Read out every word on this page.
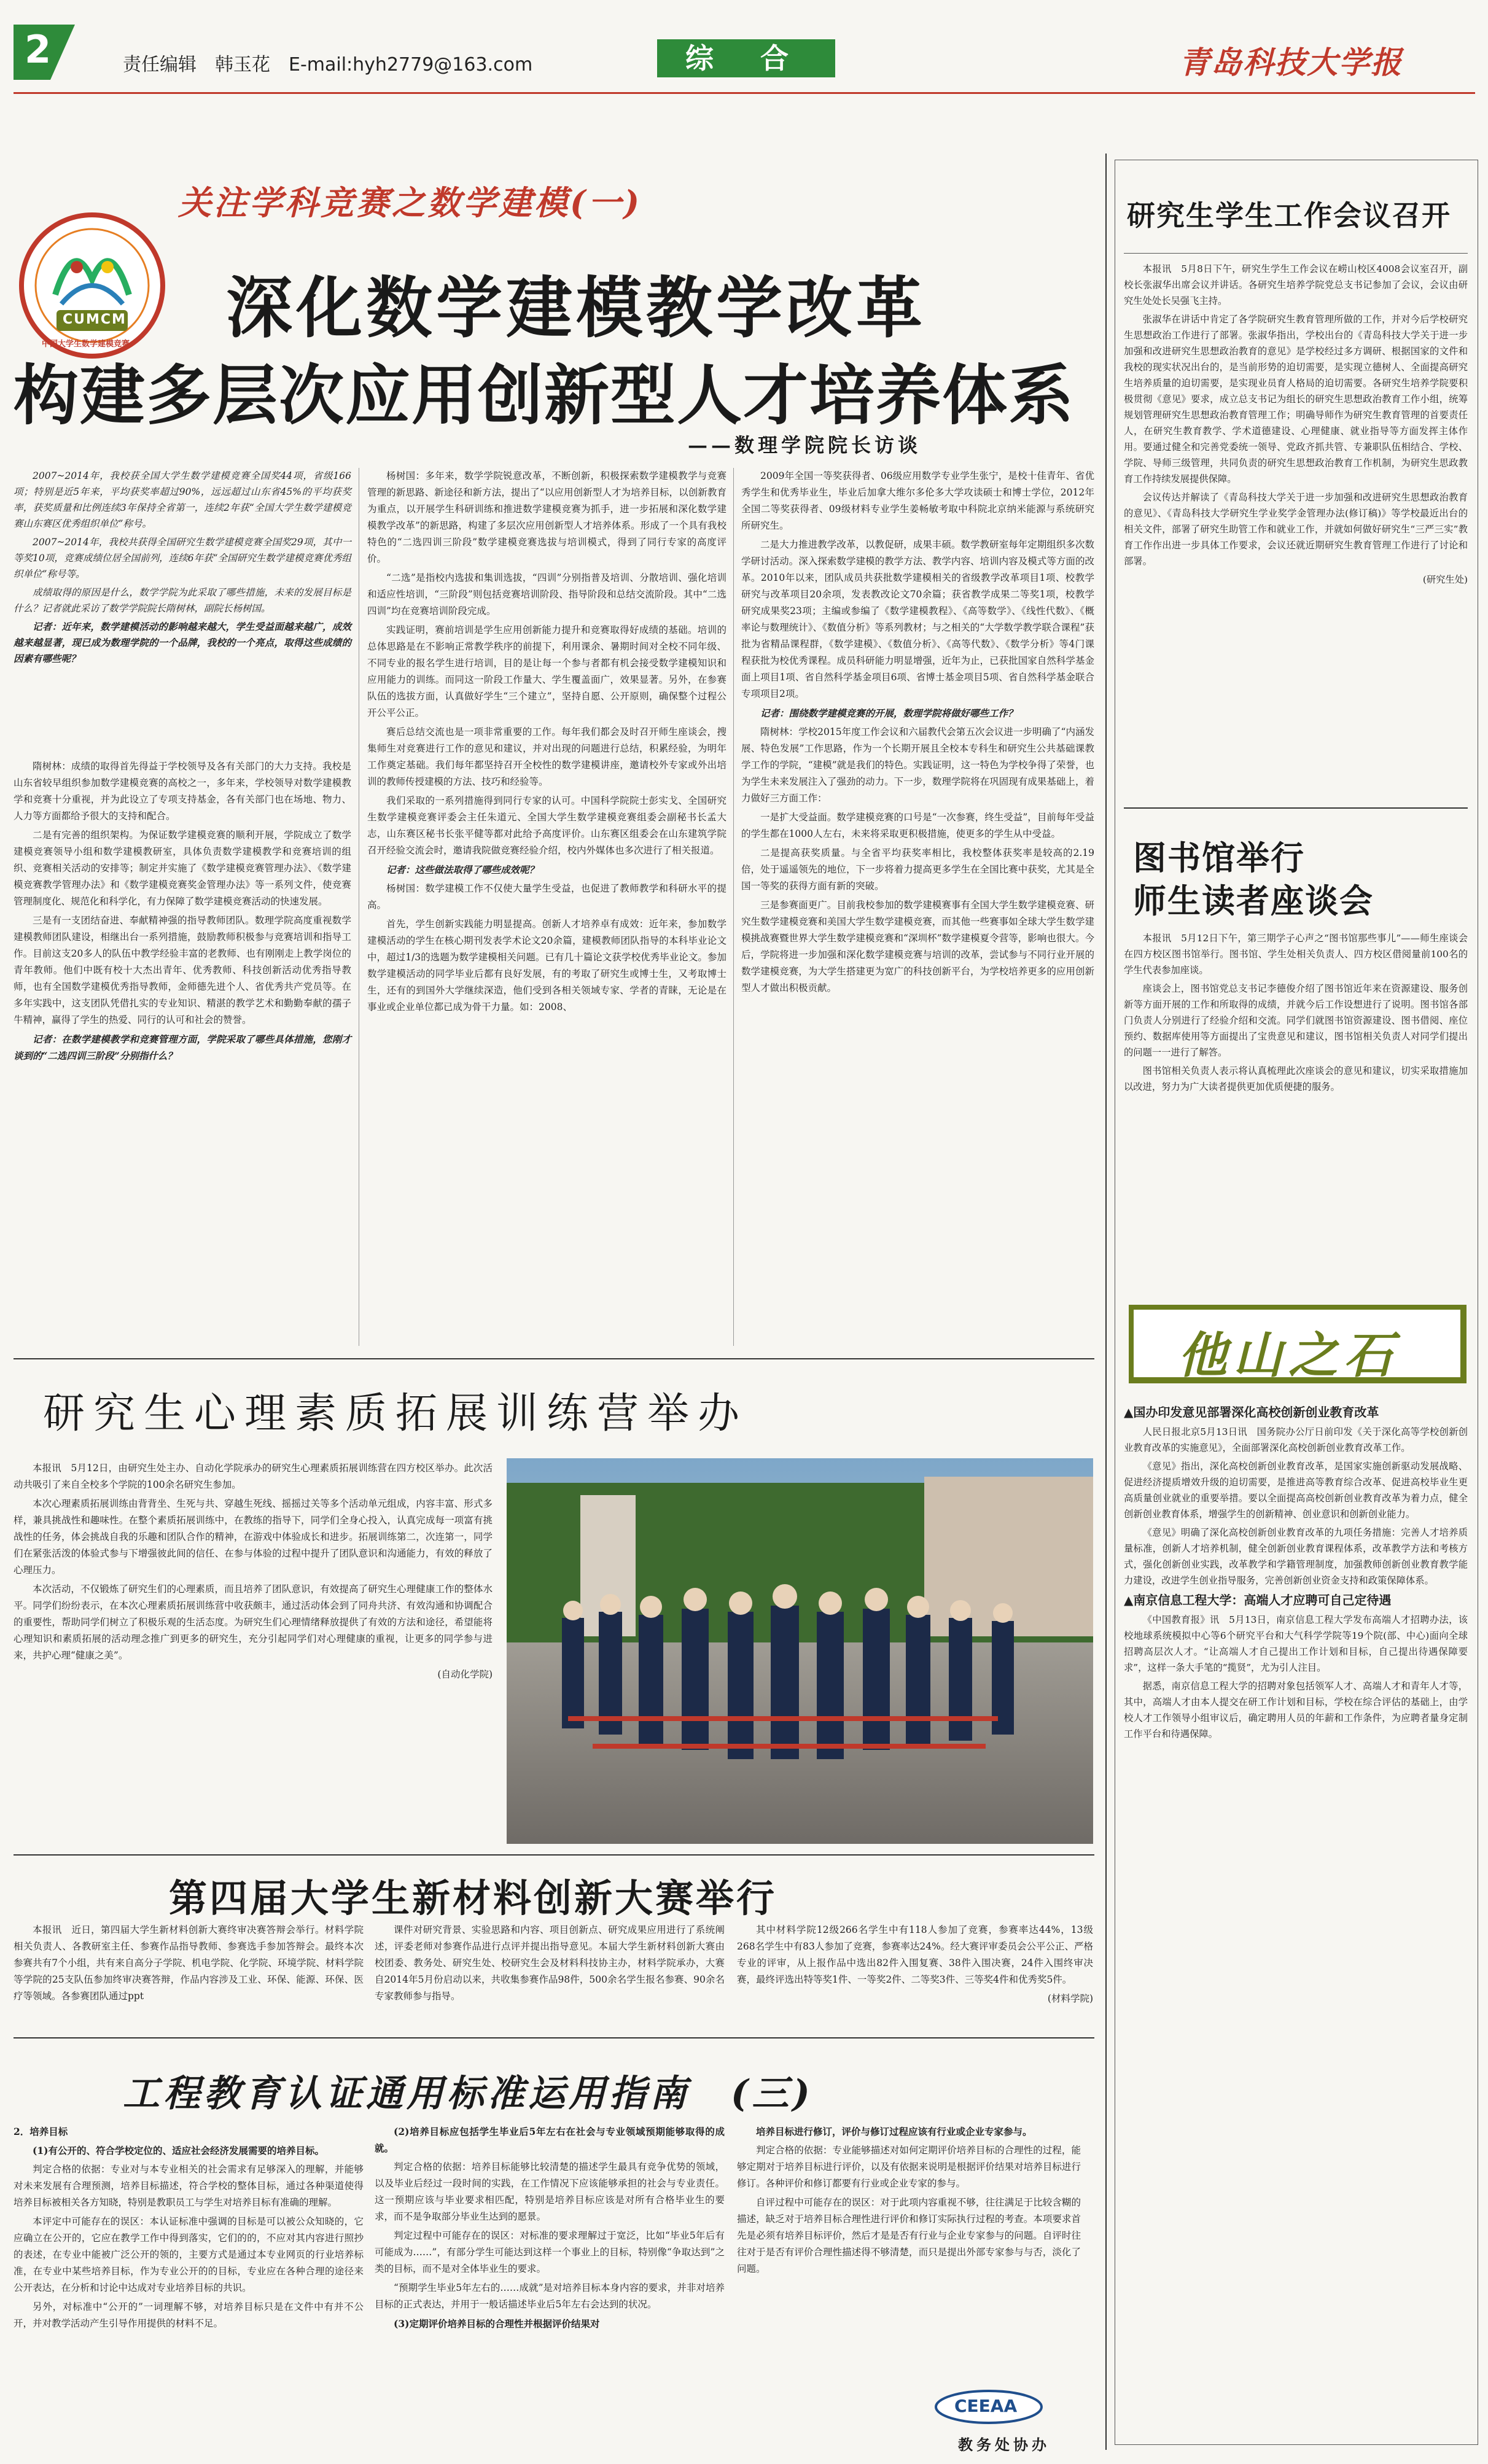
2	责任编辑　韩玉花　E-mail:hyh2779@163.com	综 合	青岛科技大学报
CUMCM
中国大学生数学建模竞赛
关注学科竞赛之数学建模(一)
深化数学建模教学改革
构建多层次应用创新型人才培养体系
——数理学院院长访谈

2007~2014年，我校获全国大学生数学建模竞赛全国奖44项，省级166项；特别是近5年来，平均获奖率超过90%，远远超过山东省45%的平均获奖率，获奖质量和比例连续3年保持全省第一，连续2年获“全国大学生数学建模竞赛山东赛区优秀组织单位”称号。

2007~2014年，我校共获得全国研究生数学建模竞赛全国奖29项，其中一等奖10项，竞赛成绩位居全国前列，连续6年获“全国研究生数学建模竞赛优秀组织单位”称号等。

成绩取得的原因是什么，数学学院为此采取了哪些措施，未来的发展目标是什么？记者就此采访了数学学院院长隋树林，副院长杨树国。

记者：近年来，数学建模活动的影响越来越大，学生受益面越来越广，成效越来越显著，现已成为数理学院的一个品牌，我校的一个亮点，取得这些成绩的因素有哪些呢？

隋树林：成绩的取得首先得益于学校领导及各有关部门的大力支持。我校是山东省较早组织参加数学建模竞赛的高校之一，多年来，学校领导对数学建模教学和竞赛十分重视，并为此设立了专项支持基金，各有关部门也在场地、物力、人力等方面都给予很大的支持和配合。

二是有完善的组织架构。为保证数学建模竞赛的顺利开展，学院成立了数学建模竞赛领导小组和数学建模教研室，具体负责数学建模教学和竞赛培训的组织、竞赛相关活动的安排等；制定并实施了《数学建模竞赛管理办法》、《数学建模竞赛教学管理办法》和《数学建模竞赛奖金管理办法》等一系列文件，使竞赛管理制度化、规范化和科学化，有力保障了数学建模竞赛活动的快速发展。

三是有一支团结奋进、奉献精神强的指导教师团队。数理学院高度重视数学建模教师团队建设，相继出台一系列措施，鼓励教师积极参与竞赛培训和指导工作。目前这支20多人的队伍中教学经验丰富的老教师、也有刚刚走上教学岗位的青年教师。他们中既有校十大杰出青年、优秀教师、科技创新活动优秀指导教师，也有全国数学建模优秀指导教师，金师德先进个人、省优秀共产党员等。在多年实践中，这支团队凭借扎实的专业知识、精湛的教学艺术和勤勤奉献的孺子牛精神，赢得了学生的热爱、同行的认可和社会的赞誉。

记者：在数学建模教学和竞赛管理方面，学院采取了哪些具体措施，您刚才谈到的“二选四训三阶段”分别指什么？

杨树国：多年来，数学学院锐意改革，不断创新，积极探索数学建模教学与竞赛管理的新思路、新途径和新方法，提出了“以应用创新型人才为培养目标，以创新教育为重点，以开展学生科研训练和推进数学建模竞赛为抓手，进一步拓展和深化数学建模教学改革”的新思路，构建了多层次应用创新型人才培养体系。形成了一个具有我校特色的“二选四训三阶段”数学建模竞赛选拔与培训模式，得到了同行专家的高度评价。

“二选”是指校内选拔和集训选拔，“四训”分别指普及培训、分散培训、强化培训和适应性培训，“三阶段”则包括竞赛培训阶段、指导阶段和总结交流阶段。其中“二选四训”均在竞赛培训阶段完成。

实践证明，赛前培训是学生应用创新能力提升和竞赛取得好成绩的基础。培训的总体思路是在不影响正常教学秩序的前提下，利用课余、暑期时间对全校不同年级、不同专业的报名学生进行培训，目的是让每一个参与者都有机会接受数学建模知识和应用能力的训练。而同这一阶段工作量大、学生覆盖面广，效果显著。另外，在参赛队伍的选拔方面，认真做好学生“三个建立”，坚持自愿、公开原则，确保整个过程公开公平公正。

赛后总结交流也是一项非常重要的工作。每年我们都会及时召开师生座谈会，搜集师生对竞赛进行工作的意见和建议，并对出现的问题进行总结，积累经验，为明年工作奠定基础。我们每年都坚持召开全校性的数学建模讲座，邀请校外专家或外出培训的教师传授建模的方法、技巧和经验等。

我们采取的一系列措施得到同行专家的认可。中国科学院院士彭实戈、全国研究生数学建模竞赛评委会主任朱道元、全国大学生数学建模竞赛组委会副秘书长孟大志，山东赛区秘书长张平健等都对此给予高度评价。山东赛区组委会在山东建筑学院召开经验交流会时，邀请我院做竞赛经验介绍，校内外媒体也多次进行了相关报道。

记者：这些做法取得了哪些成效呢？

杨树国：数学建模工作不仅使大量学生受益，也促进了教师教学和科研水平的提高。

首先，学生创新实践能力明显提高。创新人才培养卓有成效：近年来，参加数学建模活动的学生在核心期刊发表学术论文20余篇，建模教师团队指导的本科毕业论文中，超过1/3的选题为数学建模相关问题。已有几十篇论文获学校优秀毕业论文。参加数学建模活动的同学毕业后都有良好发展，有的考取了研究生或博士生，又考取博士生，还有的到国外大学继续深造，他们受到各相关领域专家、学者的青睐，无论是在事业或企业单位都已成为骨干力量。如：2008、

2009年全国一等奖获得者、06级应用数学专业学生张宁，是校十佳青年、省优秀学生和优秀毕业生，毕业后加拿大维尔多伦多大学攻读硕士和博士学位，2012年全国二等奖获得者、09级材料专业学生姜畅敏考取中科院北京纳米能源与系统研究所研究生。

二是大力推进教学改革，以教促研，成果丰硕。数学教研室每年定期组织多次数学研讨活动。深入探索数学建模的教学方法、教学内容、培训内容及模式等方面的改革。2010年以来，团队成员共获批数学建模相关的省级教学改革项目1项、校教学研究与改革项目20余项，发表教改论文70余篇；获省教学成果二等奖1项，校教学研究成果奖23项；主编或参编了《数学建模教程》、《高等数学》、《线性代数》、《概率论与数理统计》、《数值分析》等系列教材；与之相关的“大学数学教学联合课程”获批为省精品课程群，《数学建模》、《数值分析》、《高等代数》、《数学分析》等4门课程获批为校优秀课程。成员科研能力明显增强，近年为止，已获批国家自然科学基金面上项目1项、省自然科学基金项目6项、省博士基金项目5项、省自然科学基金联合专项项目2项。

记者：围绕数学建模竞赛的开展，数理学院将做好哪些工作？

隋树林：学校2015年度工作会议和六届教代会第五次会议进一步明确了“内涵发展、特色发展”工作思路，作为一个长期开展且全校本专科生和研究生公共基础课教学工作的学院，“建模”就是我们的特色。实践证明，这一特色为学校争得了荣誉，也为学生未来发展注入了强劲的动力。下一步，数理学院将在巩固现有成果基础上，着力做好三方面工作：

一是扩大受益面。数学建模竞赛的口号是“一次参赛，终生受益”，目前每年受益的学生都在1000人左右，未来将采取更积极措施，使更多的学生从中受益。

二是提高获奖质量。与全省平均获奖率相比，我校整体获奖率是较高的2.19倍，处于遥遥领先的地位，下一步将着力提高更多学生在全国比赛中获奖，尤其是全国一等奖的获得方面有新的突破。

三是参赛面更广。目前我校参加的数学建模赛事有全国大学生数学建模竞赛、研究生数学建模竞赛和美国大学生数学建模竞赛，而其他一些赛事如全球大学生数学建模挑战赛暨世界大学生数学建模竞赛和“深圳杯”数学建模夏令营等，影响也很大。今后，学院将进一步加强和深化数学建模竞赛与培训的改革，尝试参与不同行业开展的数学建模竞赛，为大学生搭建更为宽广的科技创新平台，为学校培养更多的应用创新型人才做出积极贡献。

研究生心理素质拓展训练营举办

本报讯　5月12日，由研究生处主办、自动化学院承办的研究生心理素质拓展训练营在四方校区举办。此次活动共吸引了来自全校多个学院的100余名研究生参加。

本次心理素质拓展训练由背背坐、生死与共、穿越生死线、摇摇过关等多个活动单元组成，内容丰富、形式多样，兼具挑战性和趣味性。在整个素质拓展训练中，在教练的指导下，同学们全身心投入，认真完成每一项富有挑战性的任务，体会挑战自我的乐趣和团队合作的精神，在游戏中体验成长和进步。拓展训练第二，次连第一，同学们在紧张活泼的体验式参与下增强彼此间的信任、在参与体验的过程中提升了团队意识和沟通能力，有效的释放了心理压力。

本次活动，不仅锻炼了研究生们的心理素质，而且培养了团队意识，有效提高了研究生心理健康工作的整体水平。同学们纷纷表示，在本次心理素质拓展训练营中收获颇丰，通过活动体会到了同舟共济、有效沟通和协调配合的重要性，帮助同学们树立了积极乐观的生活态度。为研究生们心理情绪释放提供了有效的方法和途径，希望能将心理知识和素质拓展的活动理念推广到更多的研究生，充分引起同学们对心理健康的重视，让更多的同学参与进来，共护心理“健康之美”。

(自动化学院)

第四届大学生新材料创新大赛举行

本报讯　近日，第四届大学生新材料创新大赛终审决赛答辩会举行。材料学院相关负责人、各教研室主任、参赛作品指导教师、参赛选手参加答辩会。最终本次参赛共有7个小组，共有来自高分子学院、机电学院、化学院、环境学院、材料学院等学院的25支队伍参加终审决赛答辩，作品内容涉及工业、环保、能源、环保、医疗等领域。各参赛团队通过ppt

课件对研究背景、实验思路和内容、项目创新点、研究成果应用进行了系统阐述，评委老师对参赛作品进行点评并提出指导意见。本届大学生新材料创新大赛由校团委、教务处、研究生处、校研究生会及材料科技协主办，材料学院承办，大赛自2014年5月份启动以来，共收集参赛作品98件，500余名学生报名参赛、90余名专家教师参与指导。

其中材料学院12级266名学生中有118人参加了竞赛，参赛率达44%，13级268名学生中有83人参加了竞赛，参赛率达24%。经大赛评审委员会公平公正、严格专业的评审，从上报作品中选出82件入围复赛、38件入围决赛，24件入围终审决赛，最终评选出特等奖1件、一等奖2件、二等奖3件、三等奖4件和优秀奖5件。

(材料学院)

工程教育认证通用标准运用指南　(三)

2．培养目标

(1)有公开的、符合学校定位的、适应社会经济发展需要的培养目标。

判定合格的依据：专业对与本专业相关的社会需求有足够深入的理解，并能够对未来发展有合理预测，培养目标描述，符合学校的整体目标，通过各种渠道使得培养目标被相关各方知晓，特别是教职员工与学生对培养目标有准确的理解。

本评定中可能存在的误区：本认证标准中强调的目标是可以被公众知晓的，它应确立在公开的，它应在教学工作中得到落实，它们的的，不应对其内容进行照抄的表述，在专业中能被广泛公开的领的，主要方式是通过本专业网页的行业培养标准，在专业中某些培养目标，作为专业公开的的目标，专业应在各种合理的途径来公开表达，在分析和讨论中达成对专业培养目标的共识。

另外，对标准中“公开的”一词理解不够，对培养目标只是在文件中有并不公开，并对教学活动产生引导作用提供的材料不足。

(2)培养目标应包括学生毕业后5年左右在社会与专业领域预期能够取得的成就。

判定合格的依据：培养目标能够比较清楚的描述学生最具有竞争优势的领域，以及毕业后经过一段时间的实践，在工作情况下应该能够承担的社会与专业责任。这一预期应该与毕业要求相匹配，特别是培养目标应该是对所有合格毕业生的要求，而不是争取部分毕业生达到的愿景。

判定过程中可能存在的误区：对标准的要求理解过于宽泛，比如“毕业5年后有可能成为……”，有部分学生可能达到这样一个事业上的目标，特别像“争取达到”之类的目标，而不是对全体毕业生的要求。

“预期学生毕业5年左右的……成就”是对培养目标本身内容的要求，并非对培养目标的正式表达，并用于一般话描述毕业后5年左右会达到的状况。

(3)定期评价培养目标的合理性并根据评价结果对

培养目标进行修订，评价与修订过程应该有行业或企业专家参与。

判定合格的依据：专业能够描述对如何定期评价培养目标的合理性的过程，能够定期对于培养目标进行评价，以及有依据来说明是根据评价结果对培养目标进行修订。各种评价和修订都要有行业或企业专家的参与。

自评过程中可能存在的误区：对于此项内容重视不够，往往满足于比较含糊的描述，缺乏对于培养目标合理性进行评价和修订实际执行过程的考查。本项要求首先是必须有培养目标评价，然后才是是否有行业与企业专家参与的问题。自评时往往对于是否有评价合理性描述得不够清楚，而只是提出外部专家参与与否，淡化了问题。

CEEAA
教务处协办
研究生学生工作会议召开

本报讯　5月8日下午，研究生学生工作会议在崂山校区4008会议室召开，副校长张淑华出席会议并讲话。各研究生培养学院党总支书记参加了会议，会议由研究生处处长吴强飞主持。

张淑华在讲话中肯定了各学院研究生教育管理所做的工作，并对今后学校研究生思想政治工作进行了部署。张淑华指出，学校出台的《青岛科技大学关于进一步加强和改进研究生思想政治教育的意见》是学校经过多方调研、根据国家的文件和我校的现实状况出台的，是当前形势的迫切需要，是实现立德树人、全面提高研究生培养质量的迫切需要，是实现业员育人格局的迫切需要。各研究生培养学院要积极贯彻《意见》要求，成立总支书记为组长的研究生思想政治教育工作小组，统筹规划管理研究生思想政治教育管理工作；明确导师作为研究生教育管理的首要责任人，在研究生教育教学、学术道德建设、心理健康、就业指导等方面发挥主体作用。要通过健全和完善党委统一领导、党政齐抓共管、专兼职队伍相结合、学校、学院、导师三级管理，共同负责的研究生思想政治教育工作机制，为研究生思政教育工作持续发展提供保障。

会议传达并解读了《青岛科技大学关于进一步加强和改进研究生思想政治教育的意见》、《青岛科技大学研究生学业奖学金管理办法(修订稿)》等学校最近出台的相关文件，部署了研究生助管工作和就业工作，并就如何做好研究生“三严三实”教育工作作出进一步具体工作要求，会议还就近期研究生教育管理工作进行了讨论和部署。

(研究生处)

图书馆举行
师生读者座谈会

本报讯　5月12日下午，第三期学子心声之“图书馆那些事儿”——师生座谈会在四方校区图书馆举行。图书馆、学生处相关负责人、四方校区借阅量前100名的学生代表参加座谈。

座谈会上，图书馆党总支书记李德俊介绍了图书馆近年来在资源建设、服务创新等方面开展的工作和所取得的成绩，并就今后工作设想进行了说明。图书馆各部门负责人分别进行了经验介绍和交流。同学们就图书馆资源建设、图书借阅、座位预约、数据库使用等方面提出了宝贵意见和建议，图书馆相关负责人对同学们提出的问题一一进行了解答。

图书馆相关负责人表示将认真梳理此次座谈会的意见和建议，切实采取措施加以改进，努力为广大读者提供更加优质便捷的服务。

他山之石

▲国办印发意见部署深化高校创新创业教育改革

人民日报北京5月13日讯　国务院办公厅日前印发《关于深化高等学校创新创业教育改革的实施意见》，全面部署深化高校创新创业教育改革工作。

《意见》指出，深化高校创新创业教育改革，是国家实施创新驱动发展战略、促进经济提质增效升级的迫切需要，是推进高等教育综合改革、促进高校毕业生更高质量创业就业的重要举措。要以全面提高高校创新创业教育改革为着力点，健全创新创业教育体系，增强学生的创新精神、创业意识和创新创业能力。

《意见》明确了深化高校创新创业教育改革的九项任务措施：完善人才培养质量标准，创新人才培养机制，健全创新创业教育课程体系，改革教学方法和考核方式，强化创新创业实践，改革教学和学籍管理制度，加强教师创新创业教育教学能力建设，改进学生创业指导服务，完善创新创业资金支持和政策保障体系。

▲南京信息工程大学：高端人才应聘可自己定待遇

《中国教育报》讯　5月13日，南京信息工程大学发布高端人才招聘办法，该校地球系统模拟中心等6个研究平台和大气科学学院等19个院(部、中心)面向全球招聘高层次人才。“让高端人才自己提出工作计划和目标，自己提出待遇保障要求”，这样一条大手笔的“揽贤”，尤为引人注目。

据悉，南京信息工程大学的招聘对象包括领军人才、高端人才和青年人才等，其中，高端人才由本人提交在研工作计划和目标，学校在综合评估的基础上，由学校人才工作领导小组审议后，确定聘用人员的年薪和工作条件，为应聘者量身定制工作平台和待遇保障。
